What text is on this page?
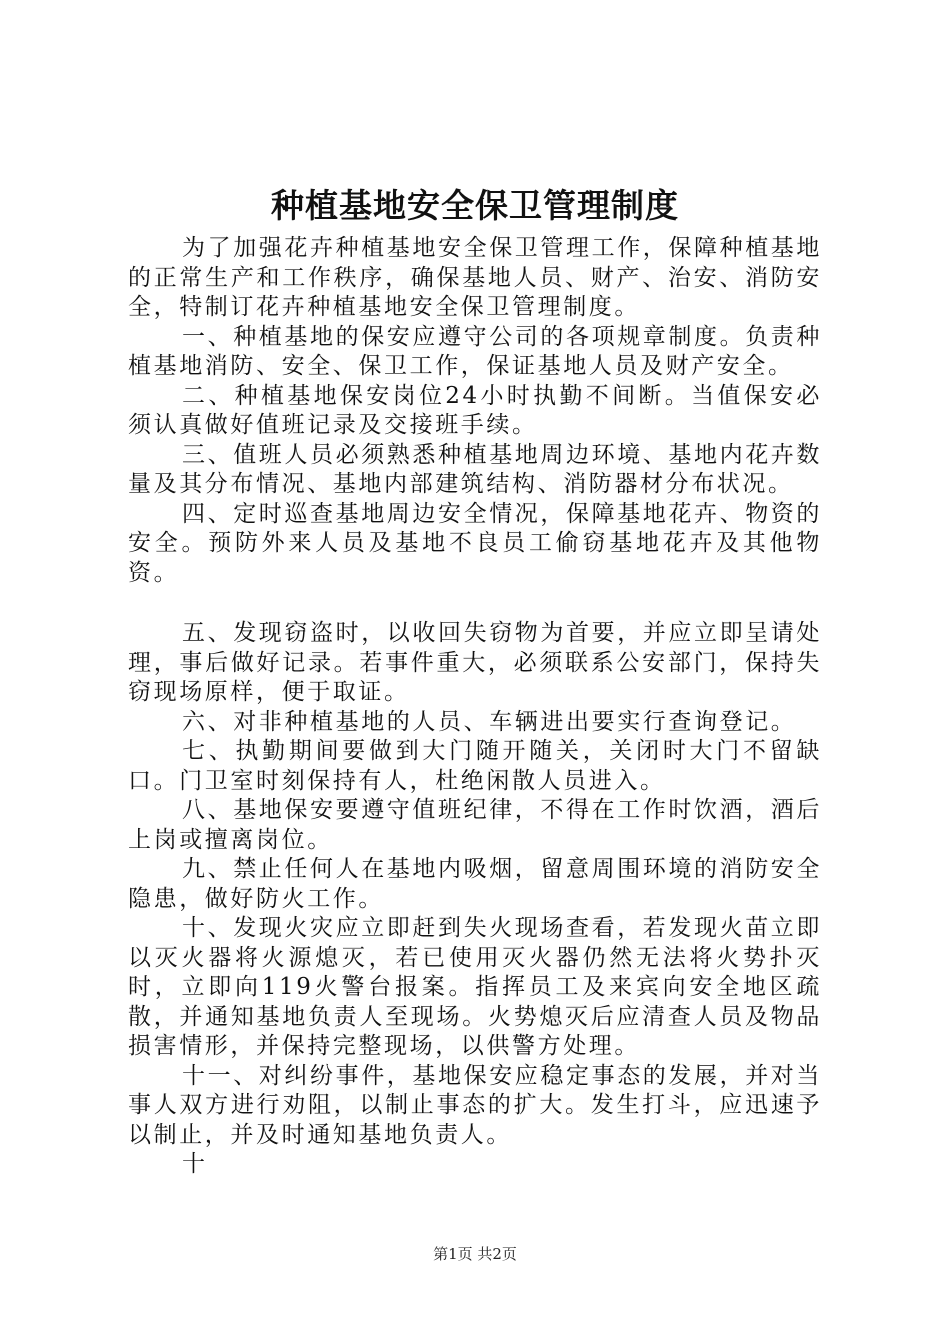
种植基地安全保卫管理制度

为了加强花卉种植基地安全保卫管理工作，保障种植基地的正常生产和工作秩序，确保基地人员、财产、治安、消防安全，特制订花卉种植基地安全保卫管理制度。

一、种植基地的保安应遵守公司的各项规章制度。负责种植基地消防、安全、保卫工作，保证基地人员及财产安全。

二、种植基地保安岗位24小时执勤不间断。当值保安必须认真做好值班记录及交接班手续。

三、值班人员必须熟悉种植基地周边环境、基地内花卉数量及其分布情况、基地内部建筑结构、消防器材分布状况。

四、定时巡查基地周边安全情况，保障基地花卉、物资的安全。预防外来人员及基地不良员工偷窃基地花卉及其他物资。

五、发现窃盗时，以收回失窃物为首要，并应立即呈请处理，事后做好记录。若事件重大，必须联系公安部门，保持失窃现场原样，便于取证。

六、对非种植基地的人员、车辆进出要实行查询登记。

七、执勤期间要做到大门随开随关，关闭时大门不留缺口。门卫室时刻保持有人，杜绝闲散人员进入。

八、基地保安要遵守值班纪律，不得在工作时饮酒，酒后上岗或擅离岗位。

九、禁止任何人在基地内吸烟，留意周围环境的消防安全隐患，做好防火工作。

十、发现火灾应立即赶到失火现场查看，若发现火苗立即以灭火器将火源熄灭，若已使用灭火器仍然无法将火势扑灭时，立即向119火警台报案。指挥员工及来宾向安全地区疏散，并通知基地负责人至现场。火势熄灭后应清查人员及物品损害情形，并保持完整现场，以供警方处理。

十一、对纠纷事件，基地保安应稳定事态的发展，并对当事人双方进行劝阻，以制止事态的扩大。发生打斗，应迅速予以制止，并及时通知基地负责人。

十

第1页 共2页
